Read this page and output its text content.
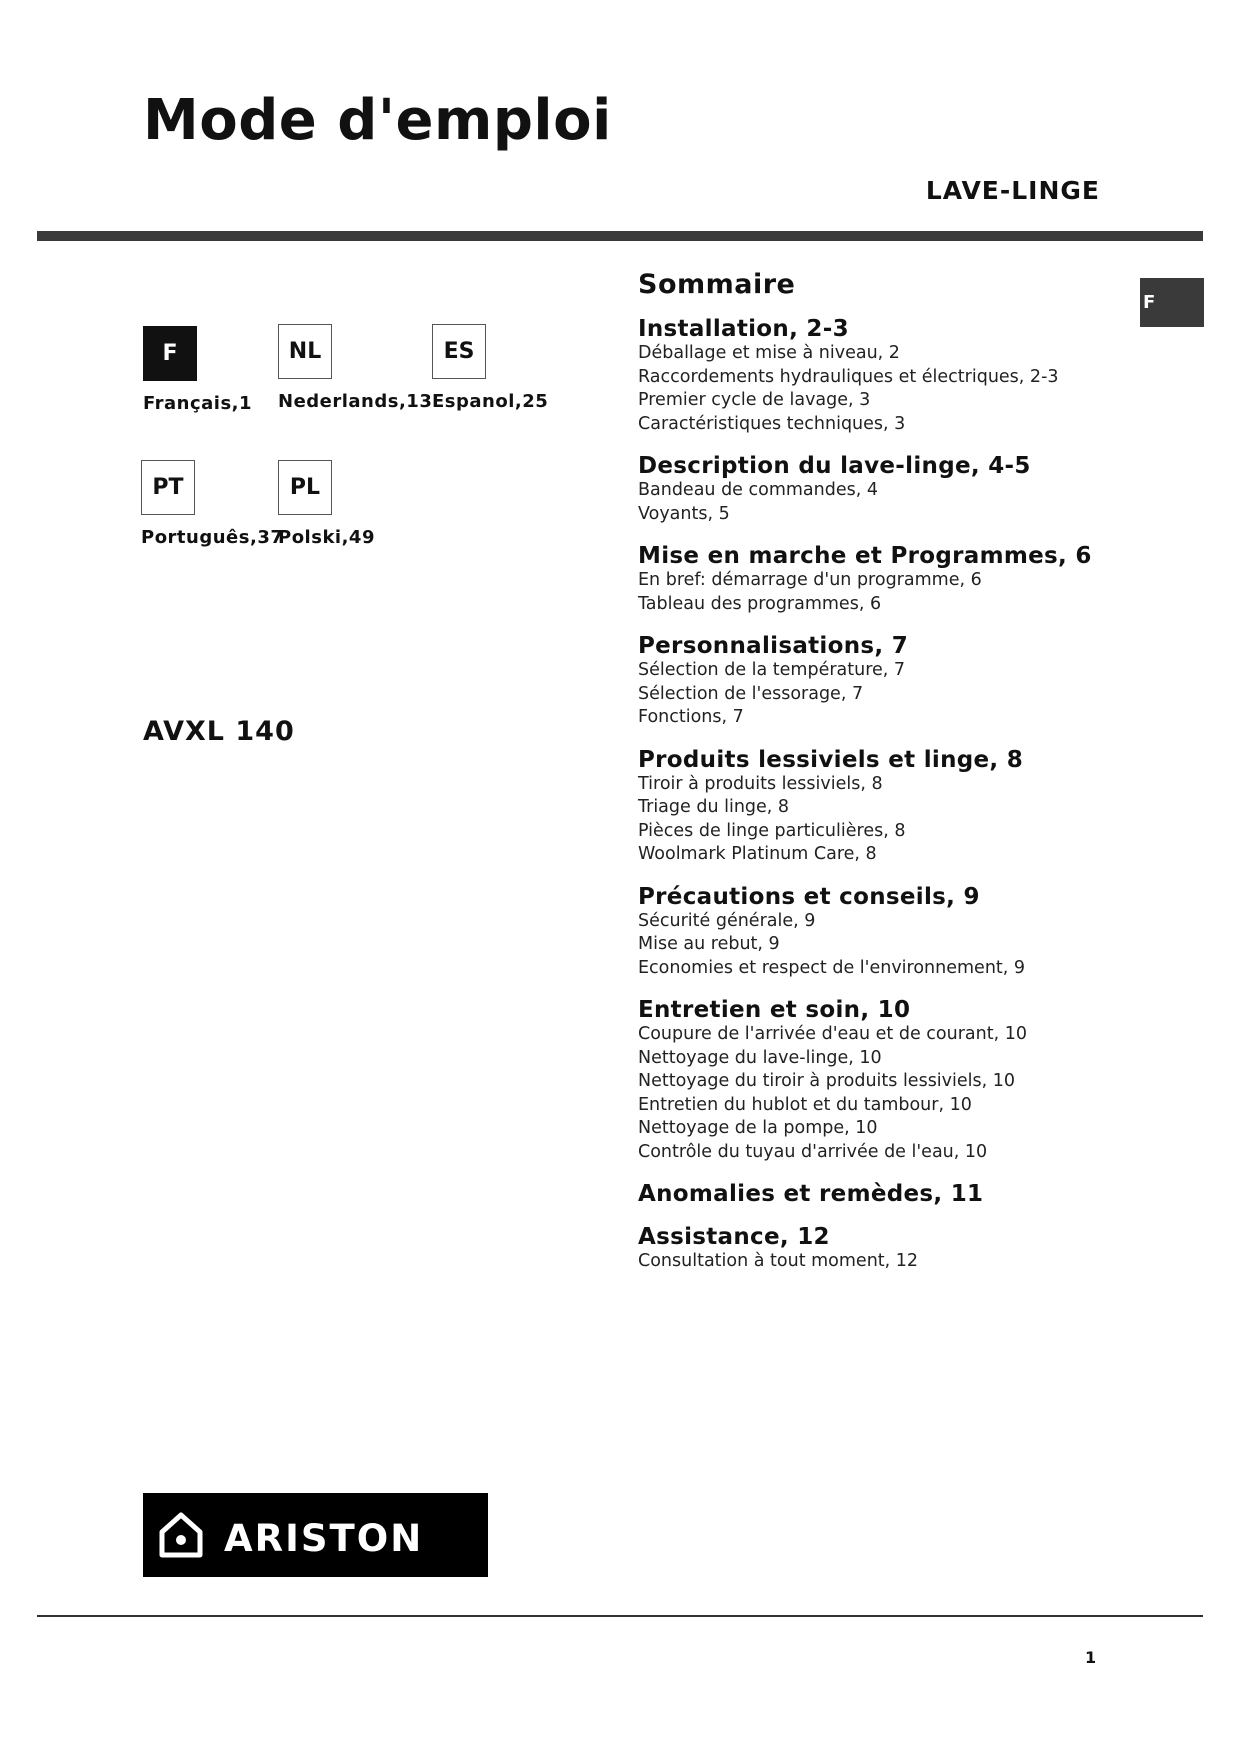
Mode d'emploi
LAVE-LINGE
F
F
Français,1
NL
Nederlands,13
ES
Espanol,25
PT
Português,37
PL
Polski,49
AVXL 140
Sommaire
Installation, 2-3
Déballage et mise à niveau, 2
Raccordements hydrauliques et électriques, 2-3
Premier cycle de lavage, 3
Caractéristiques techniques, 3
Description du lave-linge, 4-5
Bandeau de commandes, 4
Voyants, 5
Mise en marche et Programmes, 6
En bref: démarrage d'un programme, 6
Tableau des programmes, 6
Personnalisations, 7
Sélection de la température, 7
Sélection de l'essorage, 7
Fonctions, 7
Produits lessiviels et linge, 8
Tiroir à produits lessiviels, 8
Triage du linge, 8
Pièces de linge particulières, 8
Woolmark Platinum Care, 8
Précautions et conseils, 9
Sécurité générale, 9
Mise au rebut, 9
Economies et respect de l'environnement, 9
Entretien et soin, 10
Coupure de l'arrivée d'eau et de courant, 10
Nettoyage du lave-linge, 10
Nettoyage du tiroir à produits lessiviels, 10
Entretien du hublot et du tambour, 10
Nettoyage de la pompe, 10
Contrôle du tuyau d'arrivée de l'eau, 10
Anomalies et remèdes, 11
Assistance, 12
Consultation à tout moment, 12
ARISTON
1
